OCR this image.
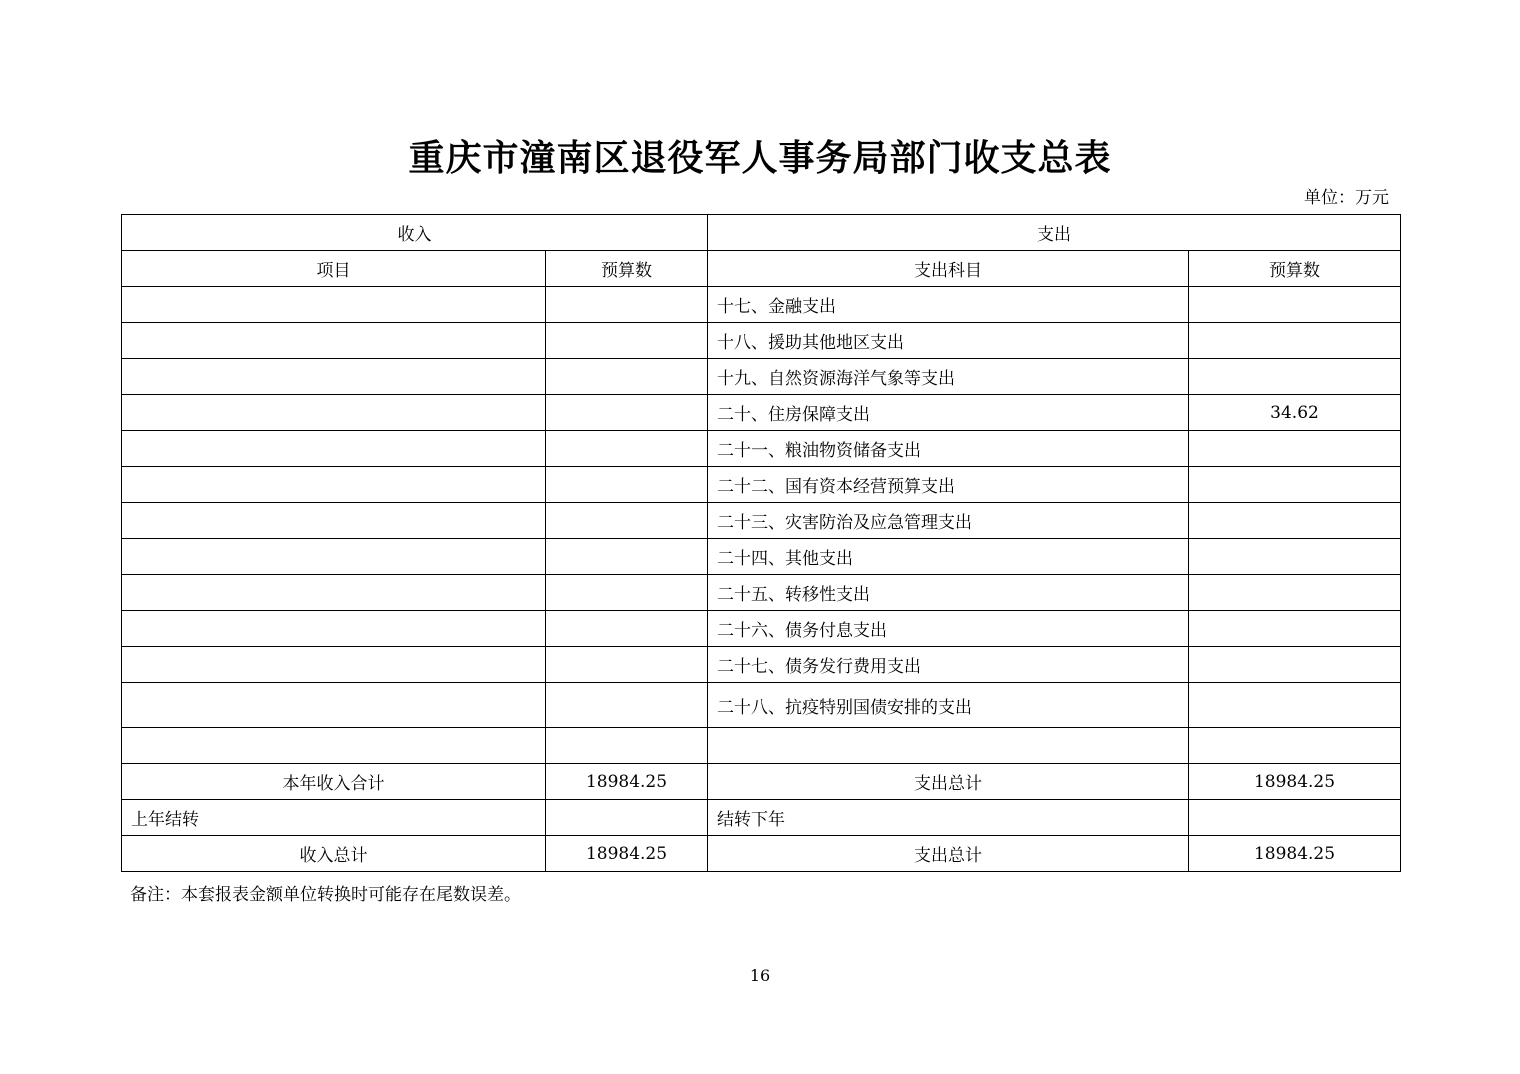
重庆市潼南区退役军人事务局部门收支总表
单位：万元
收入		支出	
项目	预算数	支出科目	预算数
		十七、金融支出	
		十八、援助其他地区支出	
		十九、自然资源海洋气象等支出	
		二十、住房保障支出	34.62
		二十一、粮油物资储备支出	
		二十二、国有资本经营预算支出	
		二十三、灾害防治及应急管理支出	
		二十四、其他支出	
		二十五、转移性支出	
		二十六、债务付息支出	
		二十七、债务发行费用支出	
		二十八、抗疫特别国债安排的支出	

本年收入合计	18984.25	支出总计	18984.25
上年结转		结转下年	
收入总计	18984.25	支出总计	18984.25
备注：本套报表金额单位转换时可能存在尾数误差。
16
